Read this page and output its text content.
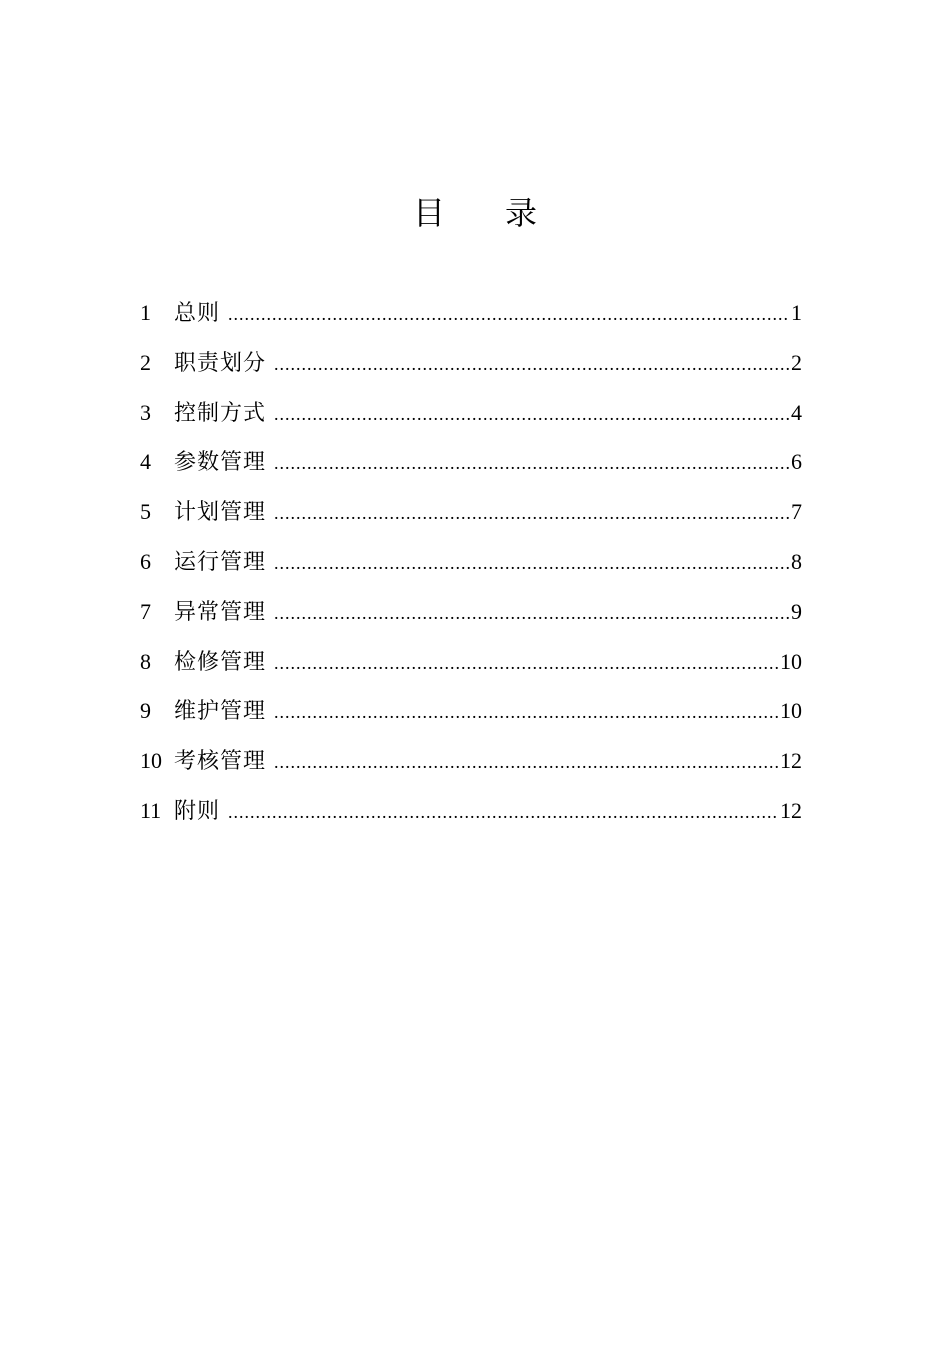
目 录
1	总则 .....	1
2	职责划分 .....	2
3	控制方式 .....	4
4	参数管理 .....	6
5	计划管理 .....	7
6	运行管理 .....	8
7	异常管理 .....	9
8	检修管理 .....	10
9	维护管理 .....	10
10 考核管理 .....	12
11 附则 .....	12
